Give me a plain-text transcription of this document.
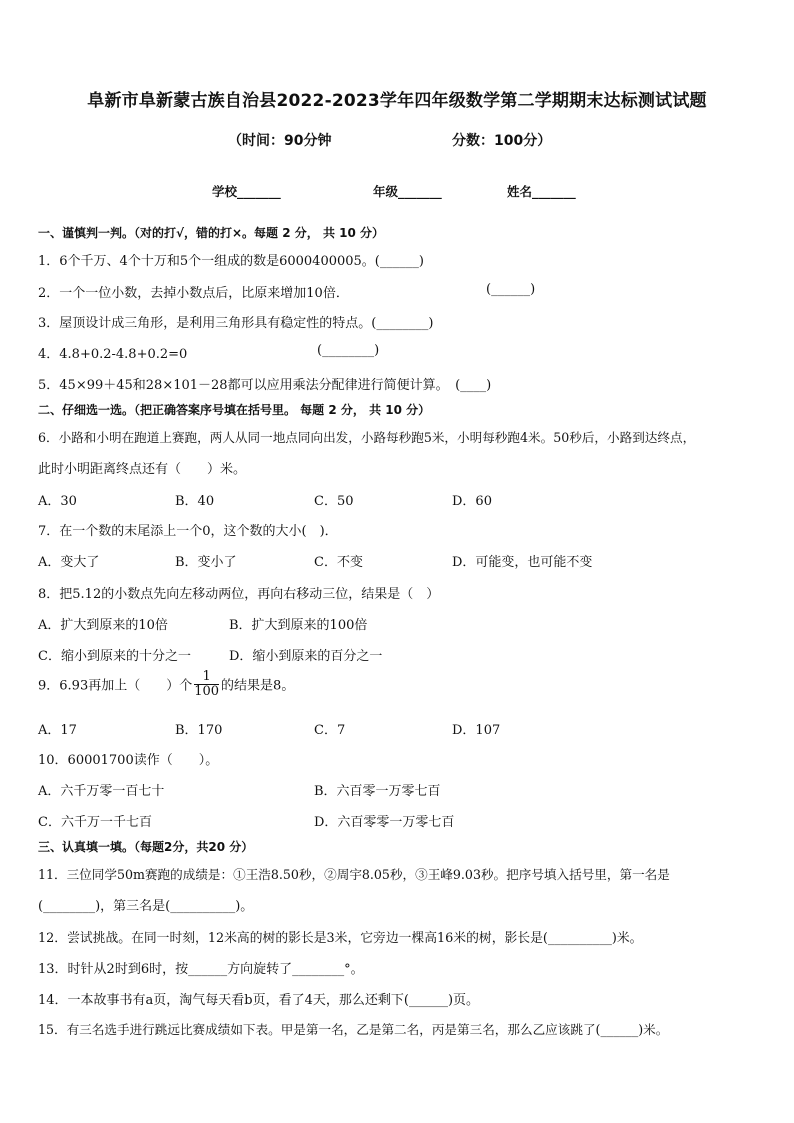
阜新市阜新蒙古族自治县2022-2023学年四年级数学第二学期期末达标测试试题
（时间：90分钟	分数：100分）
学校_______	年级_______	姓名_______
一、谨慎判一判。（对的打√，错的打×。每题 2 分， 共 10 分）
1．6个千万、4个十万和5个一组成的数是6000400005。(______)
2．一个一位小数，去掉小数点后，比原来增加10倍．	(______)
3．屋顶设计成三角形，是利用三角形具有稳定性的特点。(________)
4．4.8+0.2-4.8+0.2=0	(________)
5．45×99＋45和28×101－28都可以应用乘法分配律进行简便计算。　(____)
二、仔细选一选。（把正确答案序号填在括号里。 每题 2 分， 共 10 分）
6．小路和小明在跑道上赛跑，两人从同一地点同向出发，小路每秒跑5米，小明每秒跑4米。50秒后，小路到达终点，
此时小明距离终点还有（　　）米。
A．30	B．40	C．50	D．60
7．在一个数的末尾添上一个0，这个数的大小(　)．
A．变大了	B．变小了	C．不变	D．可能变，也可能不变
8．把5.12的小数点先向左移动两位，再向右移动三位，结果是（　）
A．扩大到原来的10倍	B．扩大到原来的100倍
C．缩小到原来的十分之一	D．缩小到原来的百分之一
9．6.93再加上（　　）个 $\frac{1}{100}$ 的结果是8。
A．17	B．170	C．7	D．107
10．60001700读作（　　）。
A．六千万零一百七十	B．六百零一万零七百
C．六千万一千七百	D．六百零零一万零七百
三、认真填一填。（每题2分，共20 分）
11．三位同学50m赛跑的成绩是：①王浩8.50秒，②周宇8.05秒，③王峰9.03秒。把序号填入括号里，第一名是
(________)，第三名是(__________)。
12．尝试挑战。在同一时刻，12米高的树的影长是3米，它旁边一棵高16米的树，影长是(__________)米。
13．时针从2时到6时，按______方向旋转了________°。
14．一本故事书有a页，淘气每天看b页，看了4天，那么还剩下(______)页。
15．有三名选手进行跳远比赛成绩如下表。甲是第一名，乙是第二名，丙是第三名，那么乙应该跳了(______)米。
